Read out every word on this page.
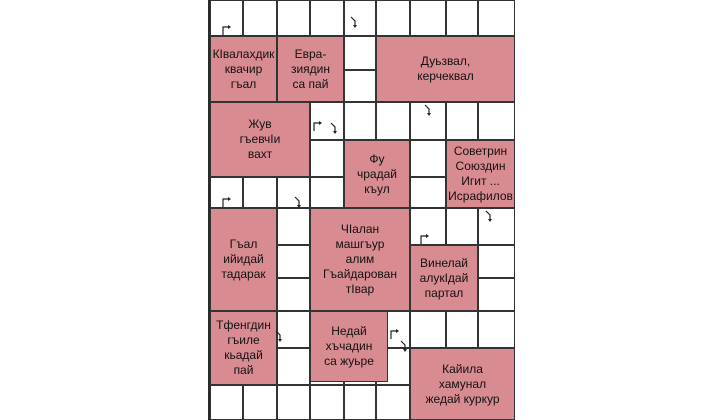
КIвалахдик
квачир
гъал
Евра-
зиядин
са пай
Дуьзвал,
керчеквал
Жув
гъевчIи
вахт	Фу
чрадай
къул
Советрин
Союздин
Игит ...
Исрафилов
Гъал
ийидай
тадарак
ЧIалан
машгъур
алим
Гъайдарован
тIвар
Винелай
алукIдай
партал
Тфенгдин
гъиле
кьадай
пай
Недай
хъчадин
са жуьре
Кайила
хамунал
жедай куркур
